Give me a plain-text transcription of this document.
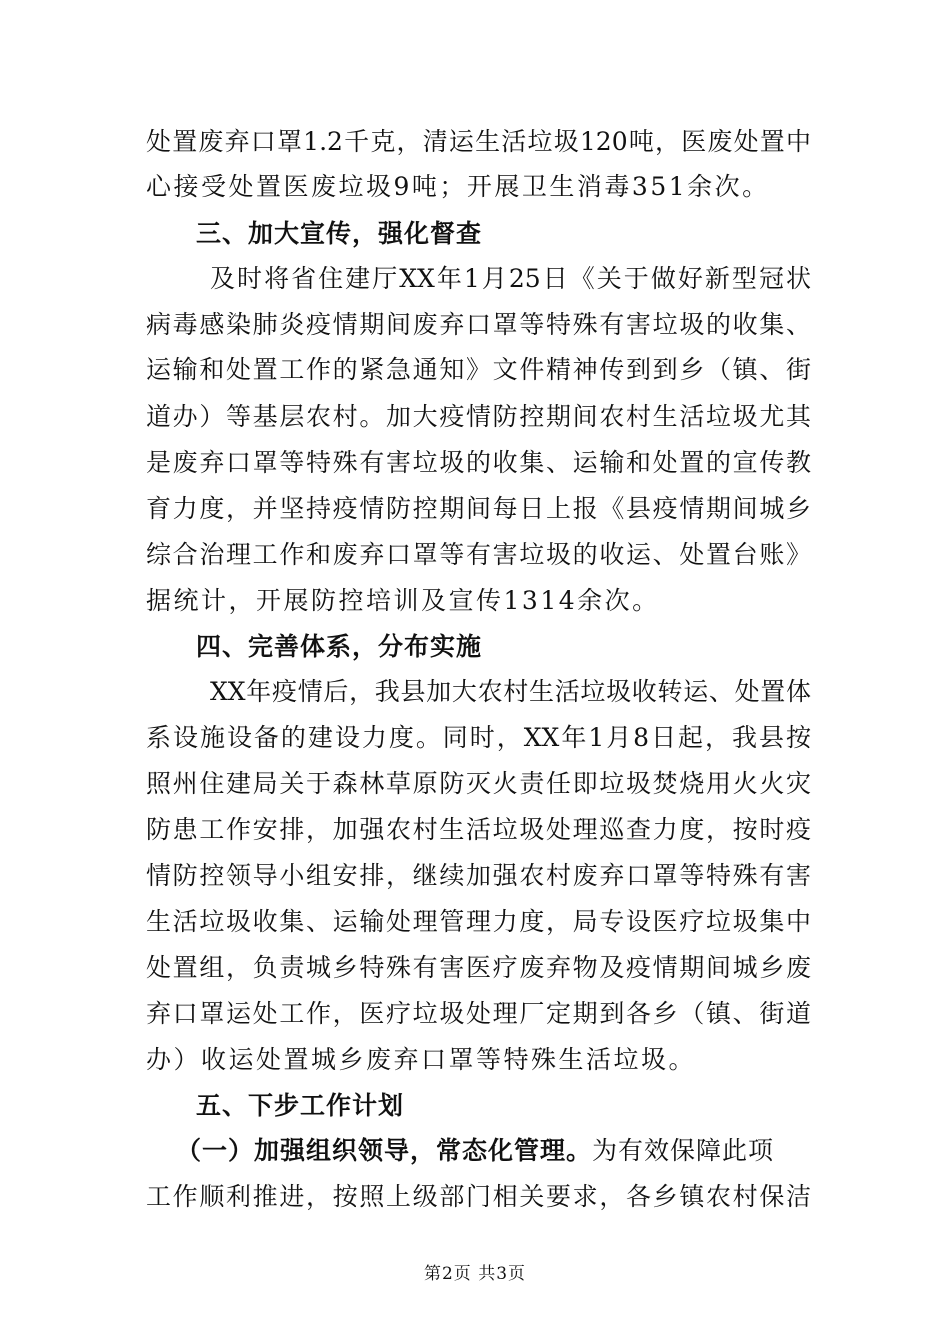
处置废弃口罩1.2千克，清运生活垃圾120吨，医废处置中
心接受处置医废垃圾9吨；开展卫生消毒351余次。
三、加大宣传，强化督查
及时将省住建厅XX年1月25日《关于做好新型冠状
病毒感染肺炎疫情期间废弃口罩等特殊有害垃圾的收集、
运输和处置工作的紧急通知》文件精神传到到乡（镇、街
道办）等基层农村。加大疫情防控期间农村生活垃圾尤其
是废弃口罩等特殊有害垃圾的收集、运输和处置的宣传教
育力度，并坚持疫情防控期间每日上报《县疫情期间城乡
综合治理工作和废弃口罩等有害垃圾的收运、处置台账》
据统计，开展防控培训及宣传1314余次。
四、完善体系，分布实施
XX年疫情后，我县加大农村生活垃圾收转运、处置体
系设施设备的建设力度。同时，XX年1月8日起，我县按
照州住建局关于森林草原防灭火责任即垃圾焚烧用火火灾
防患工作安排，加强农村生活垃圾处理巡查力度，按时疫
情防控领导小组安排，继续加强农村废弃口罩等特殊有害
生活垃圾收集、运输处理管理力度，局专设医疗垃圾集中
处置组，负责城乡特殊有害医疗废弃物及疫情期间城乡废
弃口罩运处工作，医疗垃圾处理厂定期到各乡（镇、街道
办）收运处置城乡废弃口罩等特殊生活垃圾。
五、下步工作计划
（一）加强组织领导，常态化管理。为有效保障此项
工作顺利推进，按照上级部门相关要求，各乡镇农村保洁
第2页 共3页
